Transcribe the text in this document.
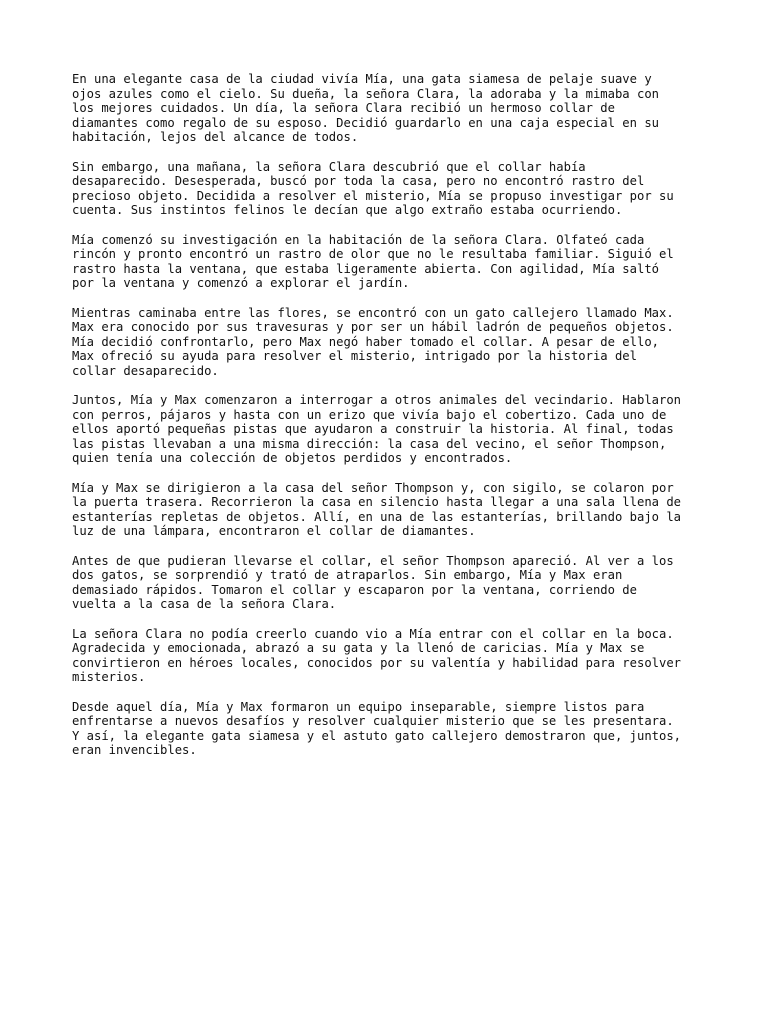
En una elegante casa de la ciudad vivía Mía, una gata siamesa de pelaje suave y
ojos azules como el cielo. Su dueña, la señora Clara, la adoraba y la mimaba con
los mejores cuidados. Un día, la señora Clara recibió un hermoso collar de
diamantes como regalo de su esposo. Decidió guardarlo en una caja especial en su
habitación, lejos del alcance de todos.

Sin embargo, una mañana, la señora Clara descubrió que el collar había
desaparecido. Desesperada, buscó por toda la casa, pero no encontró rastro del
precioso objeto. Decidida a resolver el misterio, Mía se propuso investigar por su
cuenta. Sus instintos felinos le decían que algo extraño estaba ocurriendo.

Mía comenzó su investigación en la habitación de la señora Clara. Olfateó cada
rincón y pronto encontró un rastro de olor que no le resultaba familiar. Siguió el
rastro hasta la ventana, que estaba ligeramente abierta. Con agilidad, Mía saltó
por la ventana y comenzó a explorar el jardín.

Mientras caminaba entre las flores, se encontró con un gato callejero llamado Max.
Max era conocido por sus travesuras y por ser un hábil ladrón de pequeños objetos.
Mía decidió confrontarlo, pero Max negó haber tomado el collar. A pesar de ello,
Max ofreció su ayuda para resolver el misterio, intrigado por la historia del
collar desaparecido.

Juntos, Mía y Max comenzaron a interrogar a otros animales del vecindario. Hablaron
con perros, pájaros y hasta con un erizo que vivía bajo el cobertizo. Cada uno de
ellos aportó pequeñas pistas que ayudaron a construir la historia. Al final, todas
las pistas llevaban a una misma dirección: la casa del vecino, el señor Thompson,
quien tenía una colección de objetos perdidos y encontrados.

Mía y Max se dirigieron a la casa del señor Thompson y, con sigilo, se colaron por
la puerta trasera. Recorrieron la casa en silencio hasta llegar a una sala llena de
estanterías repletas de objetos. Allí, en una de las estanterías, brillando bajo la
luz de una lámpara, encontraron el collar de diamantes.

Antes de que pudieran llevarse el collar, el señor Thompson apareció. Al ver a los
dos gatos, se sorprendió y trató de atraparlos. Sin embargo, Mía y Max eran
demasiado rápidos. Tomaron el collar y escaparon por la ventana, corriendo de
vuelta a la casa de la señora Clara.

La señora Clara no podía creerlo cuando vio a Mía entrar con el collar en la boca.
Agradecida y emocionada, abrazó a su gata y la llenó de caricias. Mía y Max se
convirtieron en héroes locales, conocidos por su valentía y habilidad para resolver
misterios.

Desde aquel día, Mía y Max formaron un equipo inseparable, siempre listos para
enfrentarse a nuevos desafíos y resolver cualquier misterio que se les presentara.
Y así, la elegante gata siamesa y el astuto gato callejero demostraron que, juntos,
eran invencibles.
